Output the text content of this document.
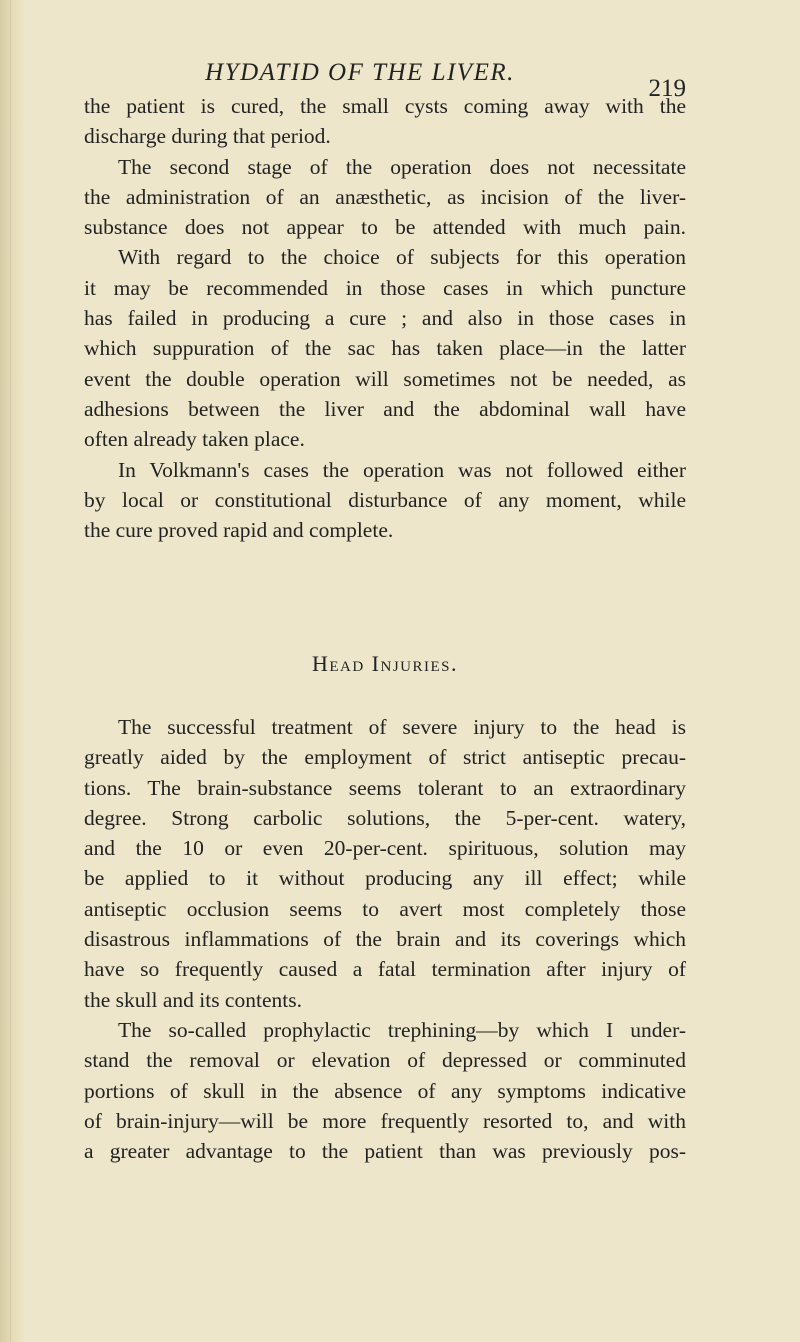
HYDATID OF THE LIVER.
219
the patient is cured, the small cysts coming away with the
discharge during that period.
The second stage of the operation does not necessitate
the administration of an anæsthetic, as incision of the liver-
substance does not appear to be attended with much pain.
With regard to the choice of subjects for this operation
it may be recommended in those cases in which puncture
has failed in producing a cure ; and also in those cases in
which suppuration of the sac has taken place—in the latter
event the double operation will sometimes not be needed, as
adhesions between the liver and the abdominal wall have
often already taken place.
In Volkmann's cases the operation was not followed either
by local or constitutional disturbance of any moment, while
the cure proved rapid and complete.
Head Injuries.
The successful treatment of severe injury to the head is
greatly aided by the employment of strict antiseptic precau-
tions. The brain-substance seems tolerant to an extraordinary
degree. Strong carbolic solutions, the 5-per-cent. watery,
and the 10 or even 20-per-cent. spirituous, solution may
be applied to it without producing any ill effect; while
antiseptic occlusion seems to avert most completely those
disastrous inflammations of the brain and its coverings which
have so frequently caused a fatal termination after injury of
the skull and its contents.
The so-called prophylactic trephining—by which I under-
stand the removal or elevation of depressed or comminuted
portions of skull in the absence of any symptoms indicative
of brain-injury—will be more frequently resorted to, and with
a greater advantage to the patient than was previously pos-
